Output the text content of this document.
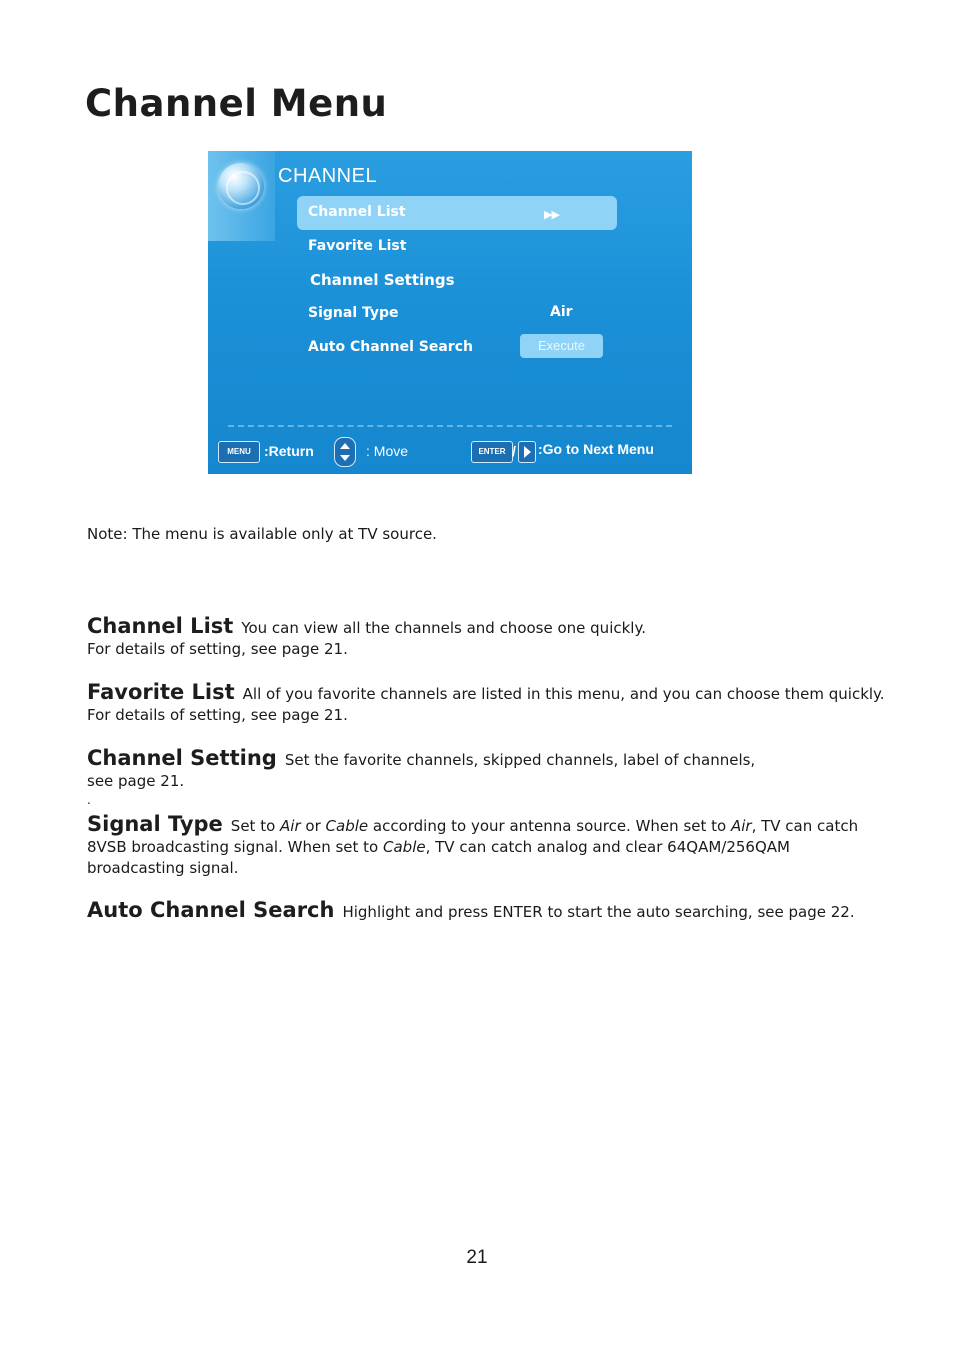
Channel Menu
CHANNEL
Channel List	▶▶
Favorite List
Channel Settings
Signal Type	Air
Auto Channel Search	Execute
MENU :Return	: Move	ENTER / :Go to Next Menu
Note: The menu is available only at TV source.
Channel List You can view all the channels and choose one quickly.
For details of setting, see page 21.
Favorite List All of you favorite channels are listed in this menu, and you can choose them quickly. For details of setting, see page 21.
Channel Setting Set the favorite channels, skipped channels, label of channels,
see page 21.
.
Signal Type Set to Air or Cable according to your antenna source. When set to Air, TV can catch 8VSB broadcasting signal. When set to Cable, TV can catch analog and clear 64QAM/256QAM broadcasting signal.
Auto Channel Search Highlight and press ENTER to start the auto searching, see page 22.
21
